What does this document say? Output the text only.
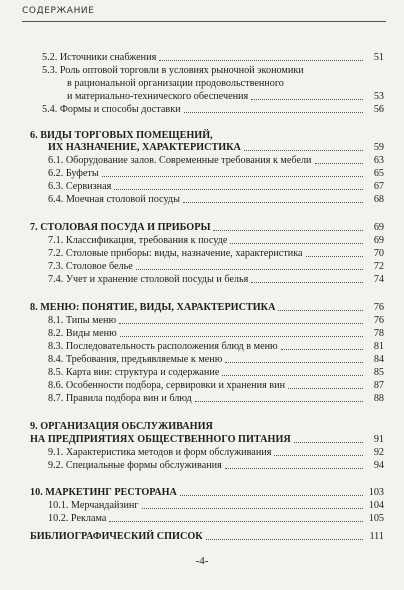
СОДЕРЖАНИЕ
5.2. Источники снабжения	51
5.3. Роль оптовой торговли в условиях рыночной экономики
в рациональной организации продовольственного
и материально-технического обеспечения	53
5.4. Формы и способы доставки	56
6. ВИДЫ ТОРГОВЫХ ПОМЕЩЕНИЙ,
ИХ НАЗНАЧЕНИЕ, ХАРАКТЕРИСТИКА	59
6.1. Оборудование залов. Современные требования к мебели	63
6.2. Буфеты	65
6.3. Сервизная	67
6.4. Моечная столовой посуды	68
7. СТОЛОВАЯ ПОСУДА И ПРИБОРЫ	69
7.1. Классификация, требования к посуде	69
7.2. Столовые приборы: виды, назначение, характеристика	70
7.3. Столовое белье	72
7.4. Учет и хранение столовой посуды и белья	74
8. МЕНЮ: ПОНЯТИЕ, ВИДЫ, ХАРАКТЕРИСТИКА	76
8.1. Типы меню	76
8.2. Виды меню	78
8.3. Последовательность расположения блюд в меню	81
8.4. Требования, предъявляемые к меню	84
8.5. Карта вин: структура и содержание	85
8.6. Особенности подбора, сервировки и хранения вин	87
8.7. Правила подбора вин и блюд	88
9. ОРГАНИЗАЦИЯ ОБСЛУЖИВАНИЯ
НА ПРЕДПРИЯТИЯХ ОБЩЕСТВЕННОГО ПИТАНИЯ	91
9.1. Характеристика методов и форм обслуживания	92
9.2. Специальные формы обслуживания	94
10. МАРКЕТИНГ РЕСТОРАНА	103
10.1. Мерчандайзинг	104
10.2. Реклама	105
БИБЛИОГРАФИЧЕСКИЙ СПИСОК	111
-4-
